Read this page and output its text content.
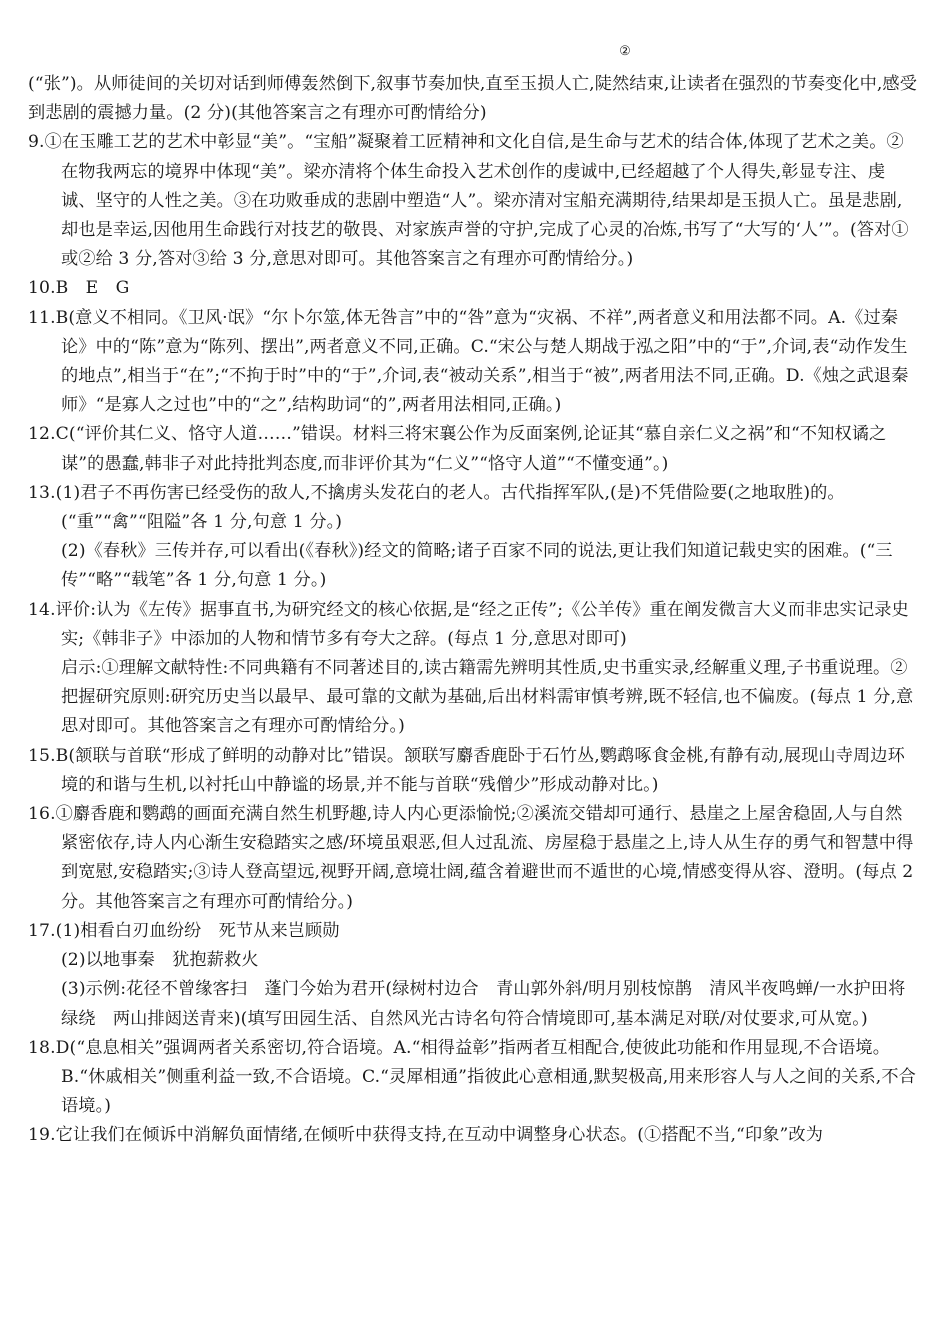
②

(“张”)。从师徒间的关切对话到师傅轰然倒下,叙事节奏加快,直至玉损人亡,陡然结束,让读者在强烈的节奏变化中,感受到悲剧的震撼力量。(2 分)(其他答案言之有理亦可酌情给分)

9.①在玉雕工艺的艺术中彰显“美”。“宝船”凝聚着工匠精神和文化自信,是生命与艺术的结合体,体现了艺术之美。②在物我两忘的境界中体现“美”。梁亦清将个体生命投入艺术创作的虔诚中,已经超越了个人得失,彰显专注、虔诚、坚守的人性之美。③在功败垂成的悲剧中塑造“人”。梁亦清对宝船充满期待,结果却是玉损人亡。虽是悲剧,却也是幸运,因他用生命践行对技艺的敬畏、对家族声誉的守护,完成了心灵的冶炼,书写了“大写的‘人’”。(答对①或②给 3 分,答对③给 3 分,意思对即可。其他答案言之有理亦可酌情给分。)

10.B　E　G

11.B(意义不相同。《卫风·氓》“尔卜尔筮,体无咎言”中的“咎”意为“灾祸、不祥”,两者意义和用法都不同。A.《过秦论》中的“陈”意为“陈列、摆出”,两者意义不同,正确。C.“宋公与楚人期战于泓之阳”中的“于”,介词,表“动作发生的地点”,相当于“在”;“不拘于时”中的“于”,介词,表“被动关系”,相当于“被”,两者用法不同,正确。D.《烛之武退秦师》“是寡人之过也”中的“之”,结构助词“的”,两者用法相同,正确。)

12.C(“评价其仁义、恪守人道……”错误。材料三将宋襄公作为反面案例,论证其“慕自亲仁义之祸”和“不知权谲之谋”的愚蠢,韩非子对此持批判态度,而非评价其为“仁义”“恪守人道”“不懂变通”。)

13.(1)君子不再伤害已经受伤的敌人,不擒虏头发花白的老人。古代指挥军队,(是)不凭借险要(之地取胜)的。(“重”“禽”“阻隘”各 1 分,句意 1 分。)

(2)《春秋》三传并存,可以看出(《春秋》)经文的简略;诸子百家不同的说法,更让我们知道记载史实的困难。(“三传”“略”“载笔”各 1 分,句意 1 分。)

14.评价:认为《左传》据事直书,为研究经文的核心依据,是“经之正传”;《公羊传》重在阐发微言大义而非忠实记录史实;《韩非子》中添加的人物和情节多有夸大之辞。(每点 1 分,意思对即可)

启示:①理解文献特性:不同典籍有不同著述目的,读古籍需先辨明其性质,史书重实录,经解重义理,子书重说理。②把握研究原则:研究历史当以最早、最可靠的文献为基础,后出材料需审慎考辨,既不轻信,也不偏废。(每点 1 分,意思对即可。其他答案言之有理亦可酌情给分。)

15.B(颔联与首联“形成了鲜明的动静对比”错误。颔联写麝香鹿卧于石竹丛,鹦鹉啄食金桃,有静有动,展现山寺周边环境的和谐与生机,以衬托山中静谧的场景,并不能与首联“残僧少”形成动静对比。)

16.①麝香鹿和鹦鹉的画面充满自然生机野趣,诗人内心更添愉悦;②溪流交错却可通行、悬崖之上屋舍稳固,人与自然紧密依存,诗人内心渐生安稳踏实之感/环境虽艰恶,但人过乱流、房屋稳于悬崖之上,诗人从生存的勇气和智慧中得到宽慰,安稳踏实;③诗人登高望远,视野开阔,意境壮阔,蕴含着避世而不遁世的心境,情感变得从容、澄明。(每点 2 分。其他答案言之有理亦可酌情给分。)

17.(1)相看白刃血纷纷　死节从来岂顾勋

(2)以地事秦　犹抱薪救火

(3)示例:花径不曾缘客扫　蓬门今始为君开(绿树村边合　青山郭外斜/明月别枝惊鹊　清风半夜鸣蝉/一水护田将绿绕　两山排闼送青来)(填写田园生活、自然风光古诗名句符合情境即可,基本满足对联/对仗要求,可从宽。)

18.D(“息息相关”强调两者关系密切,符合语境。A.“相得益彰”指两者互相配合,使彼此功能和作用显现,不合语境。B.“休戚相关”侧重利益一致,不合语境。C.“灵犀相通”指彼此心意相通,默契极高,用来形容人与人之间的关系,不合语境。)

19.它让我们在倾诉中消解负面情绪,在倾听中获得支持,在互动中调整身心状态。(①搭配不当,“印象”改为
